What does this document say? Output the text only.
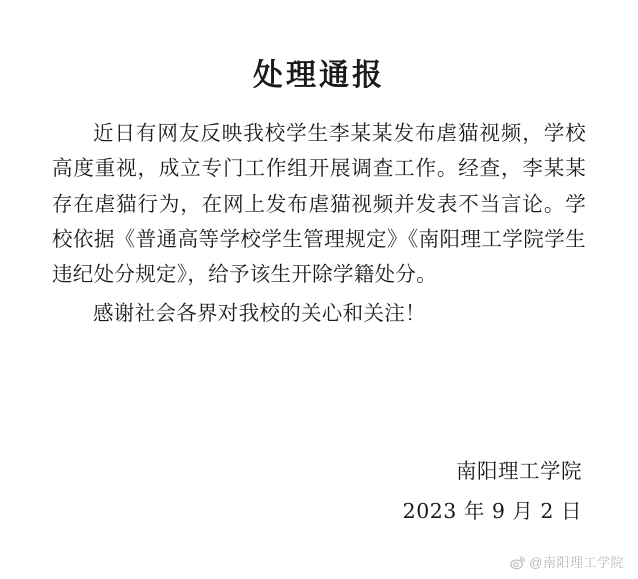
处理通报

近日有网友反映我校学生李某某发布虐猫视频，学校高度重视，成立专门工作组开展调查工作。经查，李某某存在虐猫行为，在网上发布虐猫视频并发表不当言论。学校依据《普通高等学校学生管理规定》《南阳理工学院学生违纪处分规定》，给予该生开除学籍处分。

感谢社会各界对我校的关心和关注！

南阳理工学院
2023 年 9 月 2 日
@南阳理工学院
